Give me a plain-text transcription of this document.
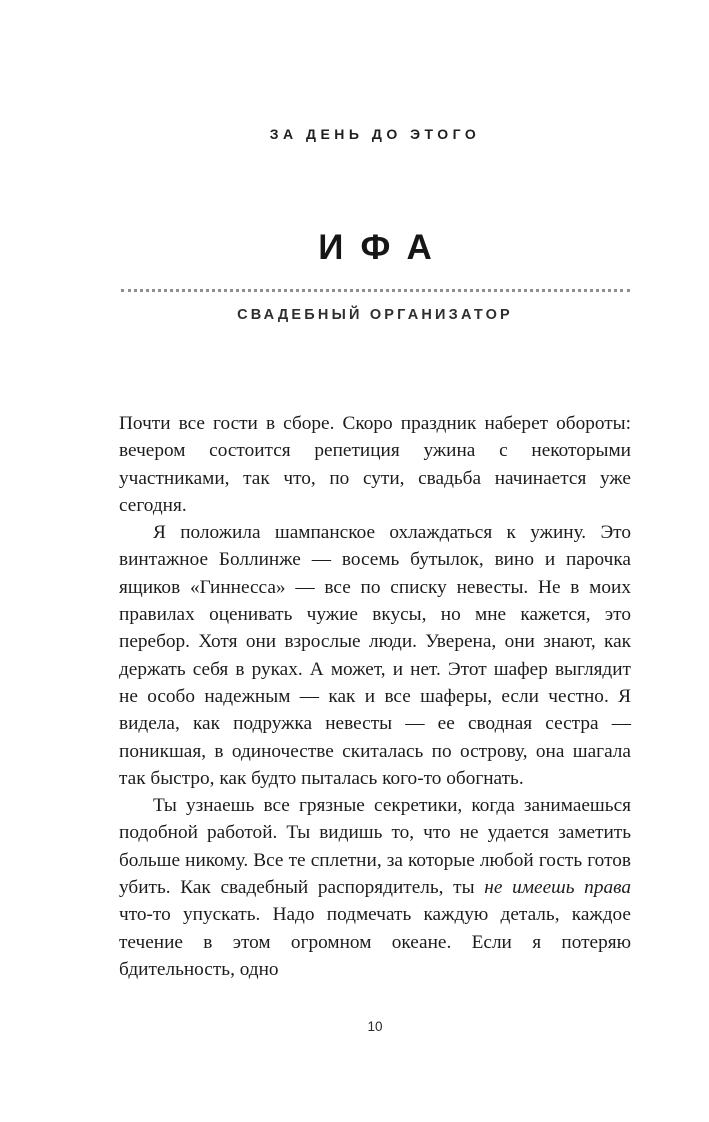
ЗА ДЕНЬ ДО ЭТОГО
ИФА
СВАДЕБНЫЙ ОРГАНИЗАТОР

Почти все гости в сборе. Скоро праздник наберет обороты: вечером состоится репетиция ужина с некоторыми участниками, так что, по сути, свадьба начинается уже сегодня.

Я положила шампанское охлаждаться к ужину. Это винтажное Боллинже — восемь бутылок, вино и парочка ящиков «Гиннесса» — все по списку невесты. Не в моих правилах оценивать чужие вкусы, но мне кажется, это перебор. Хотя они взрослые люди. Уверена, они знают, как держать себя в руках. А может, и нет. Этот шафер выглядит не особо надежным — как и все шаферы, если честно. Я видела, как подружка невесты — ее сводная сестра — поникшая, в одиночестве скиталась по острову, она шагала так быстро, как будто пыталась кого-то обогнать.

Ты узнаешь все грязные секретики, когда занимаешься подобной работой. Ты видишь то, что не удается заметить больше никому. Все те сплетни, за которые любой гость готов убить. Как свадебный распорядитель, ты не имеешь права что-то упускать. Надо подмечать каждую деталь, каждое течение в этом огромном океане. Если я потеряю бдительность, одно

10
